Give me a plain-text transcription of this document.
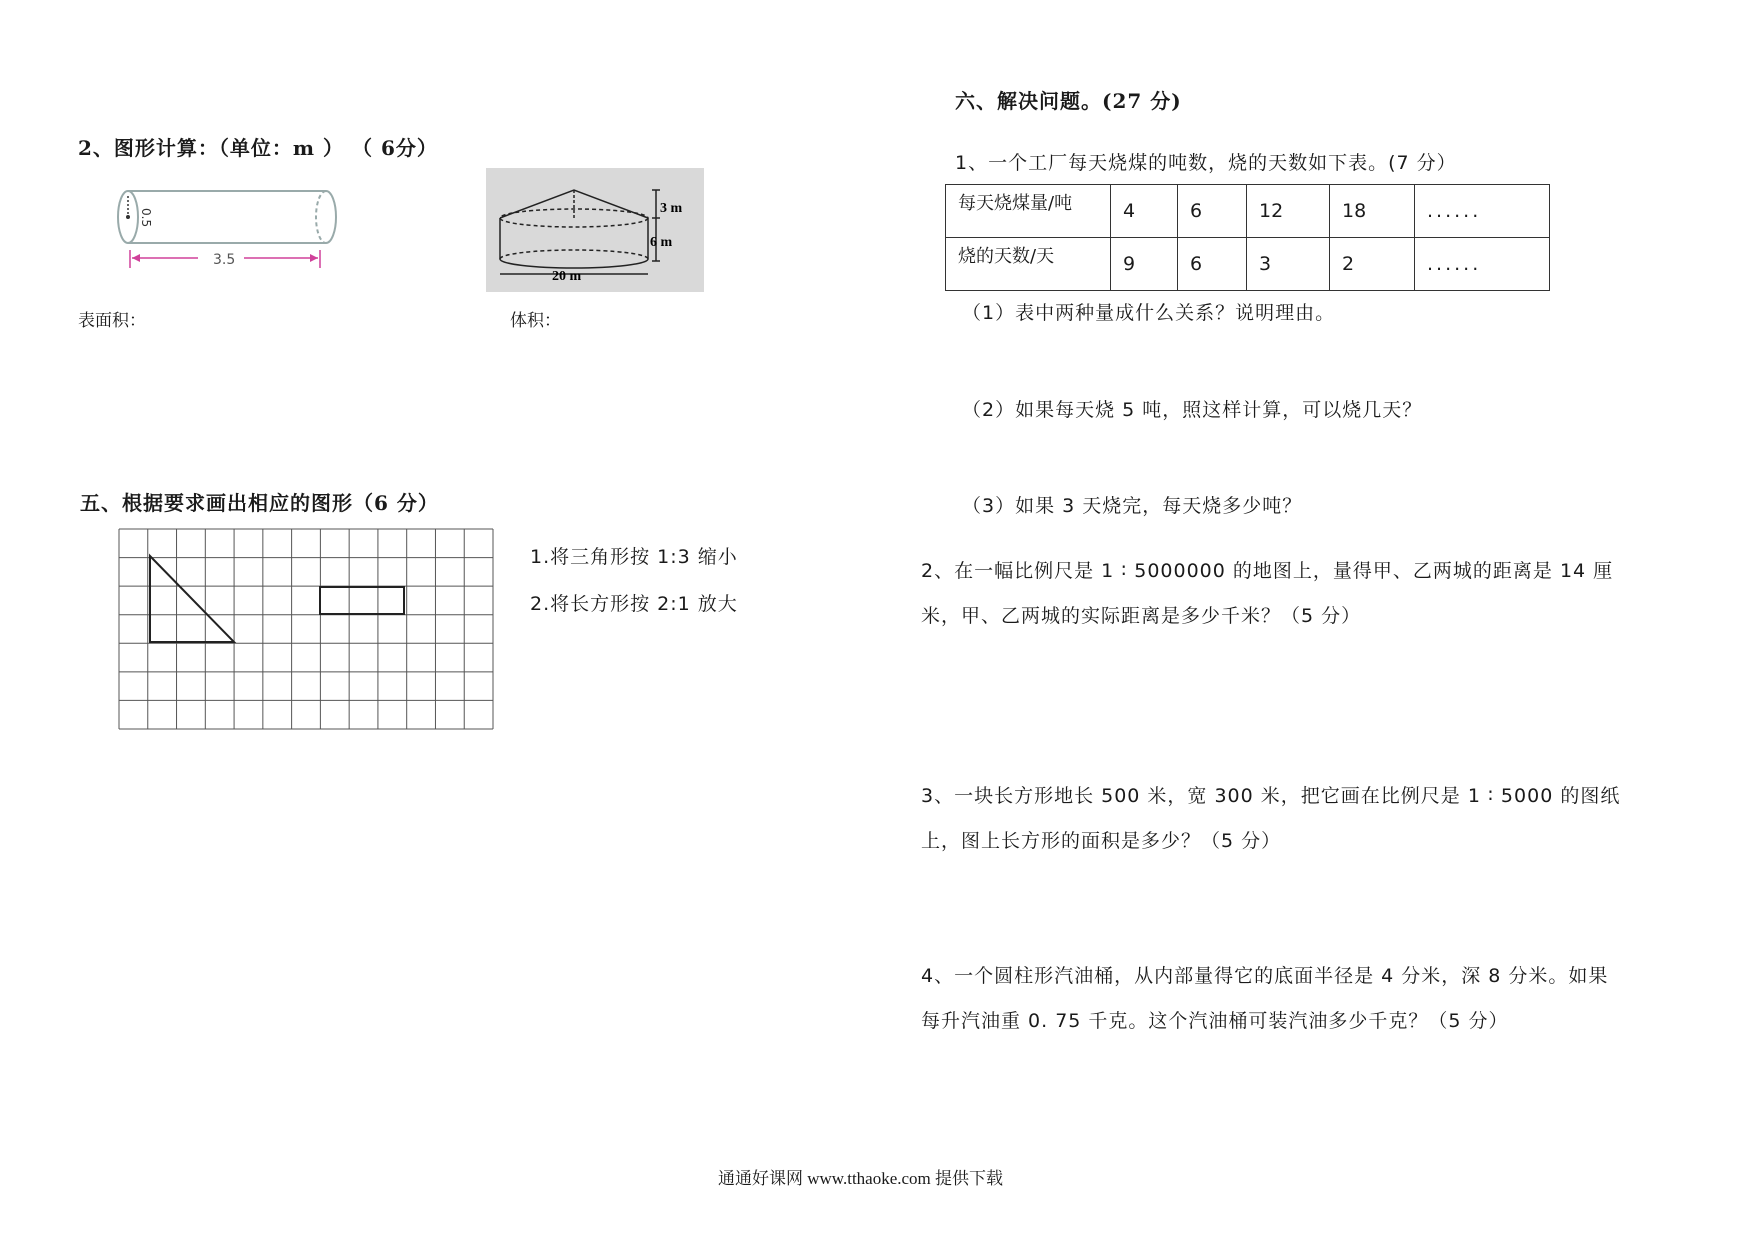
2、图形计算：（单位：m ） （ 6分）
0.5
3.5
3 m
6 m
20 m
表面积：	体积：
五、根据要求画出相应的图形（6 分）
1.将三角形按 1:3 缩小
2.将长方形按 2:1 放大
六、解决问题。(27 分)
1、一个工厂每天烧煤的吨数，烧的天数如下表。(7 分）
每天烧煤量/吨	4	6	12	18	......
烧的天数/天	9	6	3	2	......
（1）表中两种量成什么关系？说明理由。
（2）如果每天烧 5 吨，照这样计算，可以烧几天？
（3）如果 3 天烧完，每天烧多少吨？
2、在一幅比例尺是 1 ∶ 5000000 的地图上，量得甲、乙两城的距离是 14 厘
米，甲、乙两城的实际距离是多少千米？（5 分）
3、一块长方形地长 500 米，宽 300 米，把它画在比例尺是 1 ∶ 5000 的图纸
上，图上长方形的面积是多少？（5 分）
4、一个圆柱形汽油桶，从内部量得它的底面半径是 4 分米，深 8 分米。如果
每升汽油重 0. 75 千克。这个汽油桶可装汽油多少千克？（5 分）
通通好课网 www.tthaoke.com 提供下载
